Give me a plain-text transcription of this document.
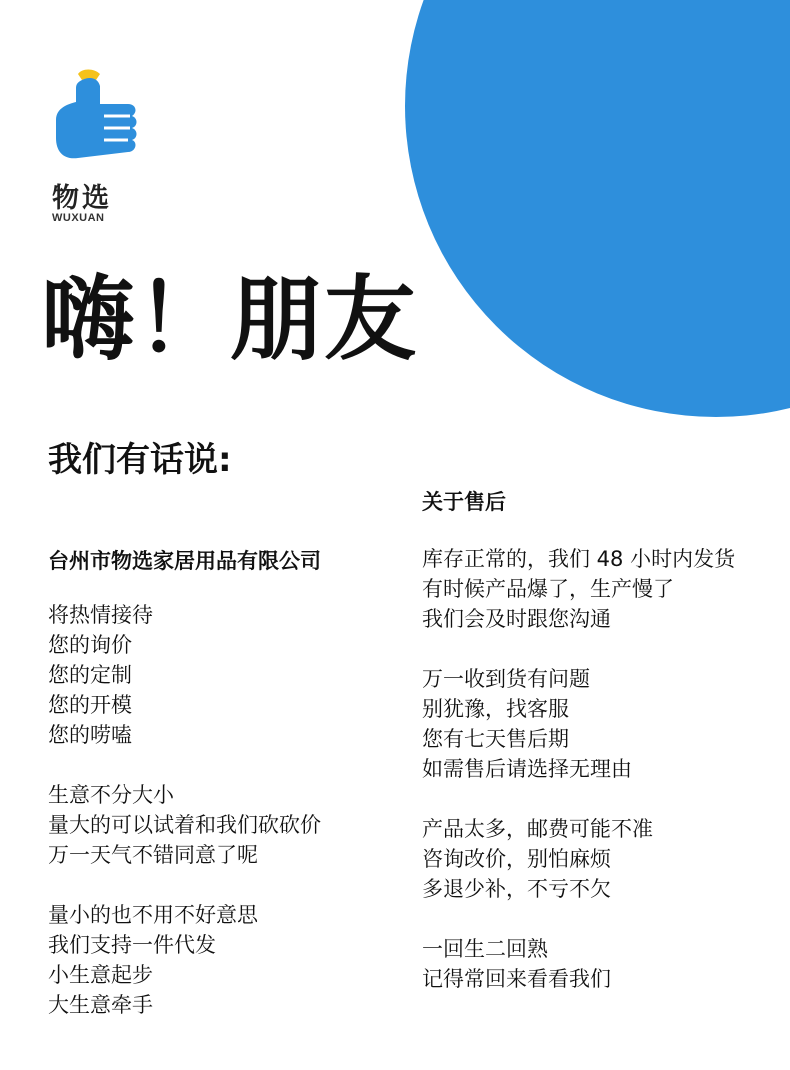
物选
WUXUAN
嗨！朋友
我们有话说:
关于售后
台州市物选家居用品有限公司
将热情接待
您的询价
您的定制
您的开模
您的唠嗑
生意不分大小
量大的可以试着和我们砍砍价
万一天气不错同意了呢
量小的也不用不好意思
我们支持一件代发
小生意起步
大生意牵手
库存正常的，我们 48 小时内发货
有时候产品爆了，生产慢了
我们会及时跟您沟通
万一收到货有问题
别犹豫，找客服
您有七天售后期
如需售后请选择无理由
产品太多，邮费可能不准
咨询改价，别怕麻烦
多退少补，不亏不欠
一回生二回熟
记得常回来看看我们
